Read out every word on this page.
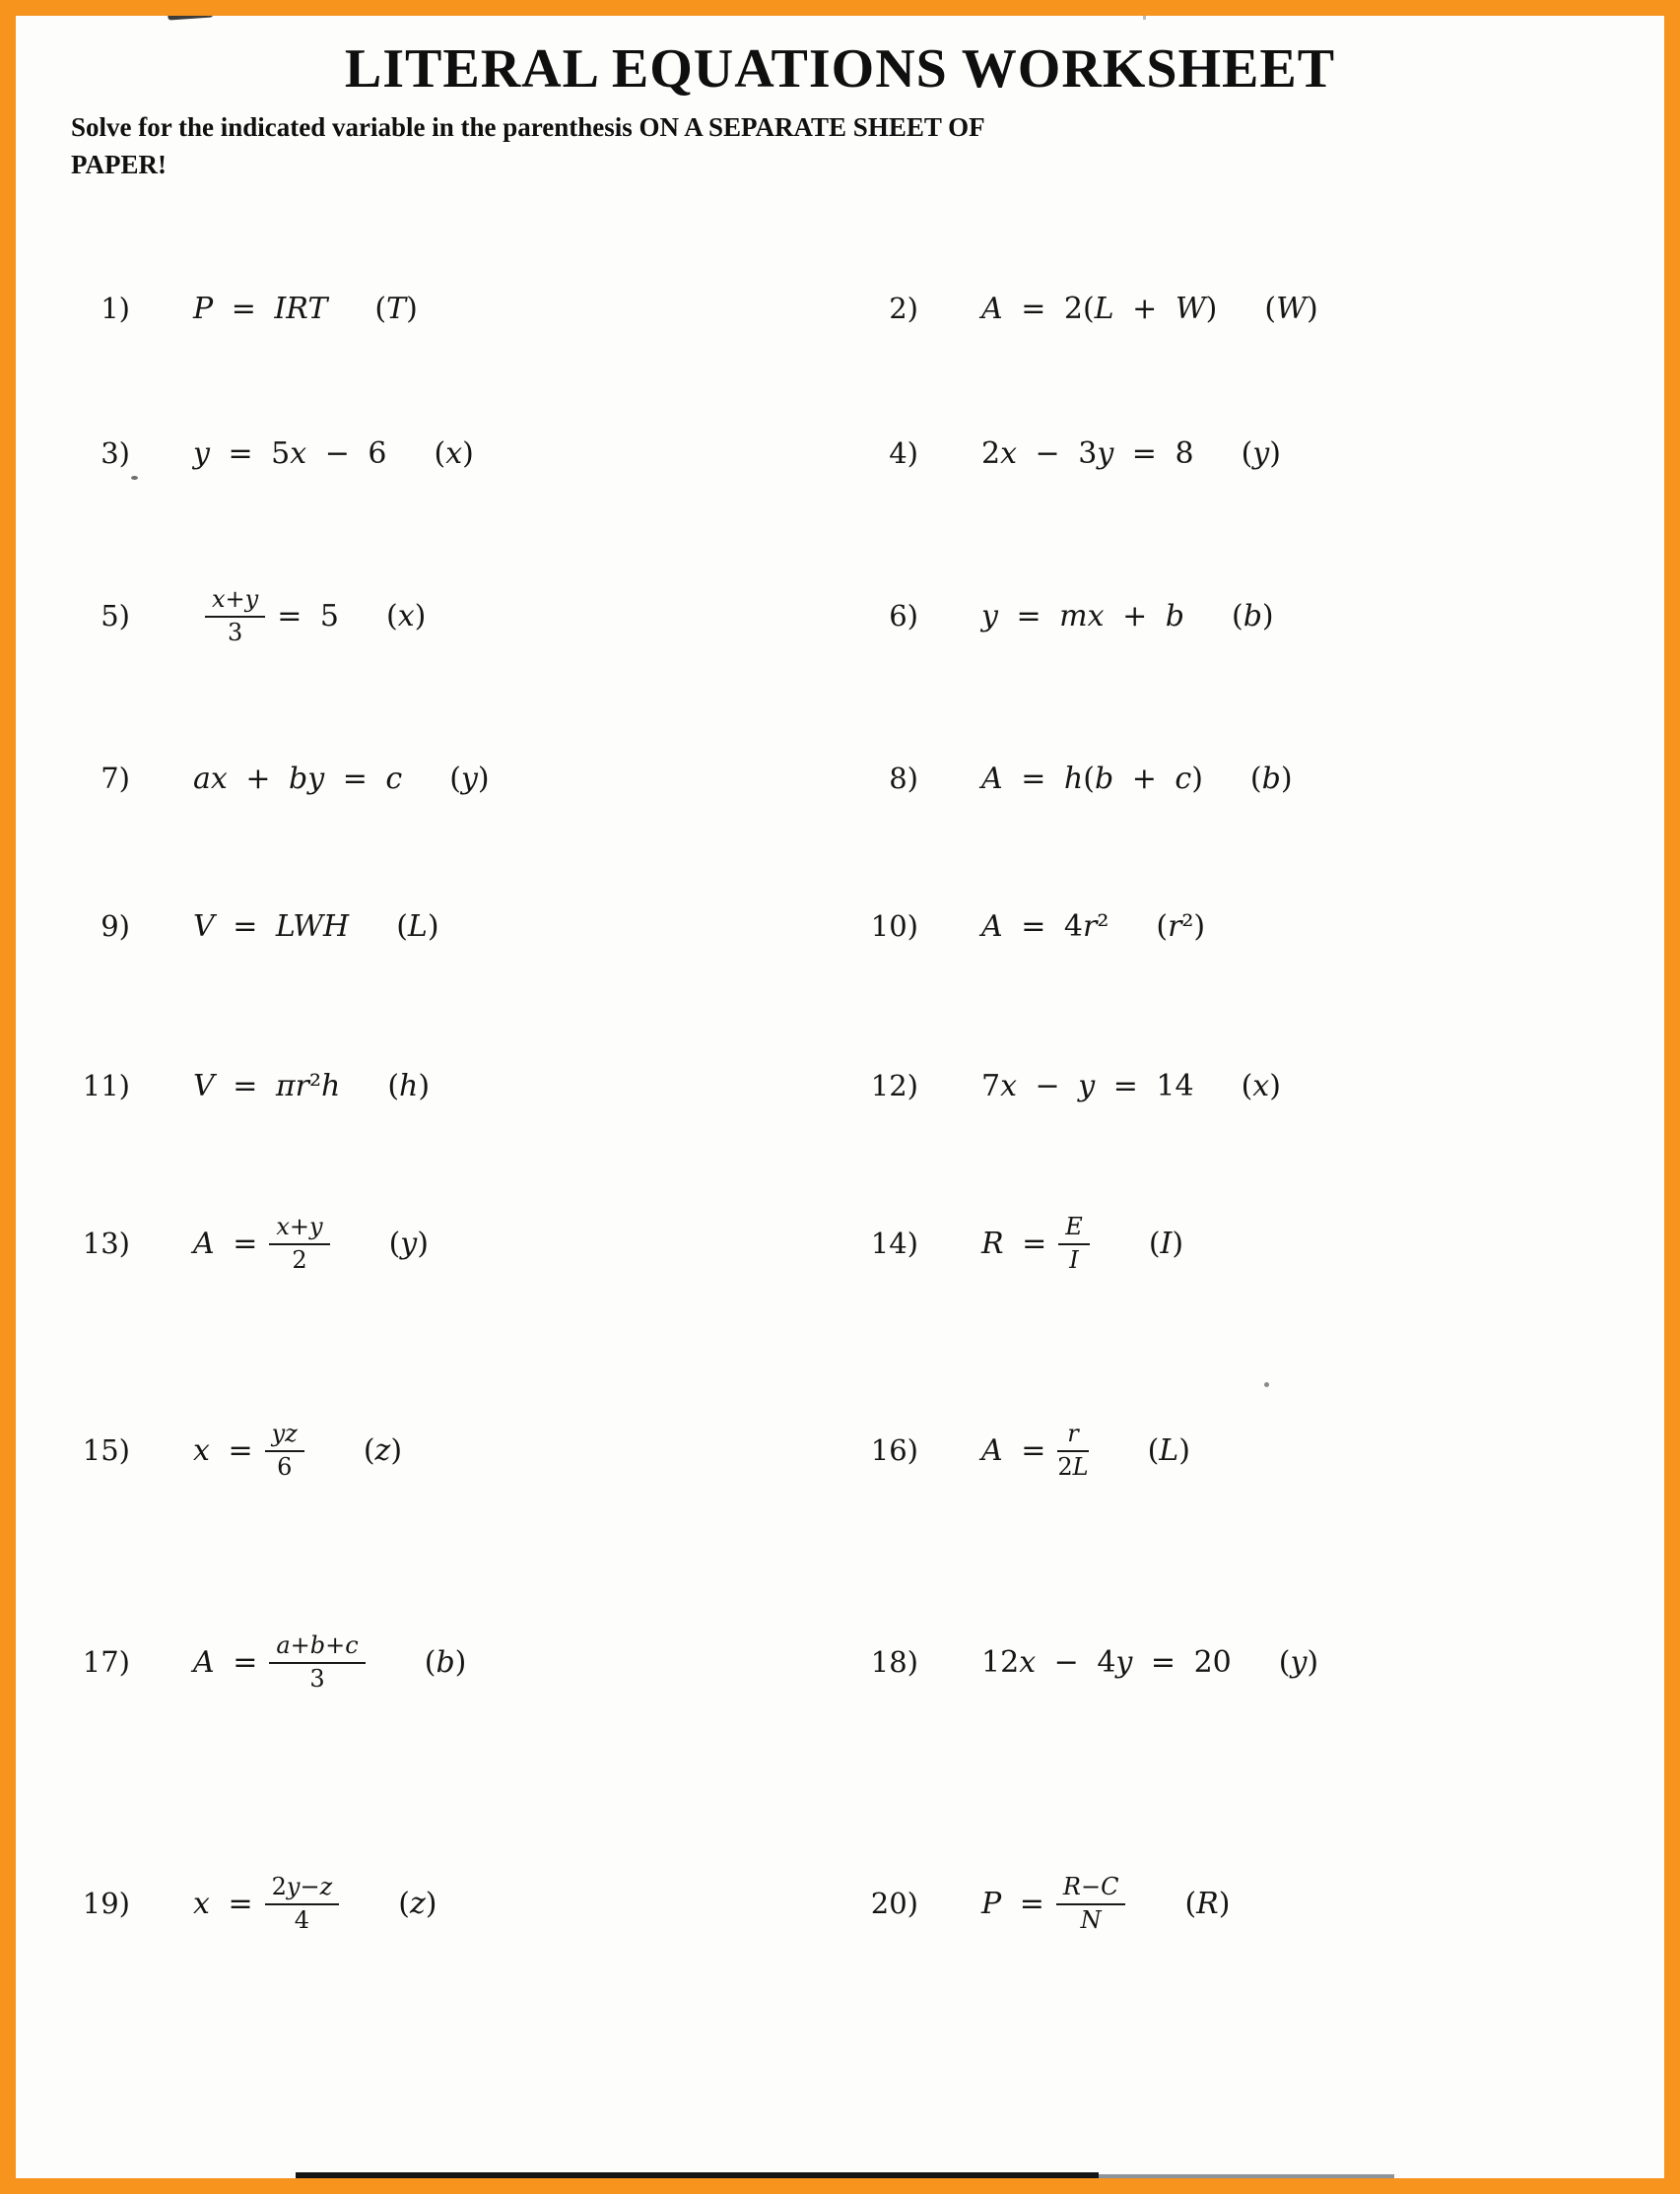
LITERAL EQUATIONS WORKSHEET
Solve for the indicated variable in the parenthesis ON A SEPARATE SHEET OF PAPER!
1) P = IRT (T)	2) A = 2(L + W) (W)
3) y = 5x − 6 (x)	4) 2x − 3y = 8 (y)
5)	$\frac{x+y}{3} = 5$ (x)	6) y = mx + b (b)
7) ax + by = c (y)	8) A = h(b + c) (b)
9) V = LWH (L)	10) A = 4r² (r²)
11) V = πr²h (h)	12) 7x − y = 14 (x)
13) $A = \frac{x+y}{2} (y)$	14) $R = \frac{E}{I} (I)$
15) $x = \frac{yz}{6} (z)$	16) $A = \frac{r}{2L} (L)$
17) $A = \frac{a+b+c}{3} (b)$	18) 12x − 4y = 20 (y)
19) $x = \frac{2y-z}{4} (z)$	20) $P = \frac{R-C}{N} (R)$
